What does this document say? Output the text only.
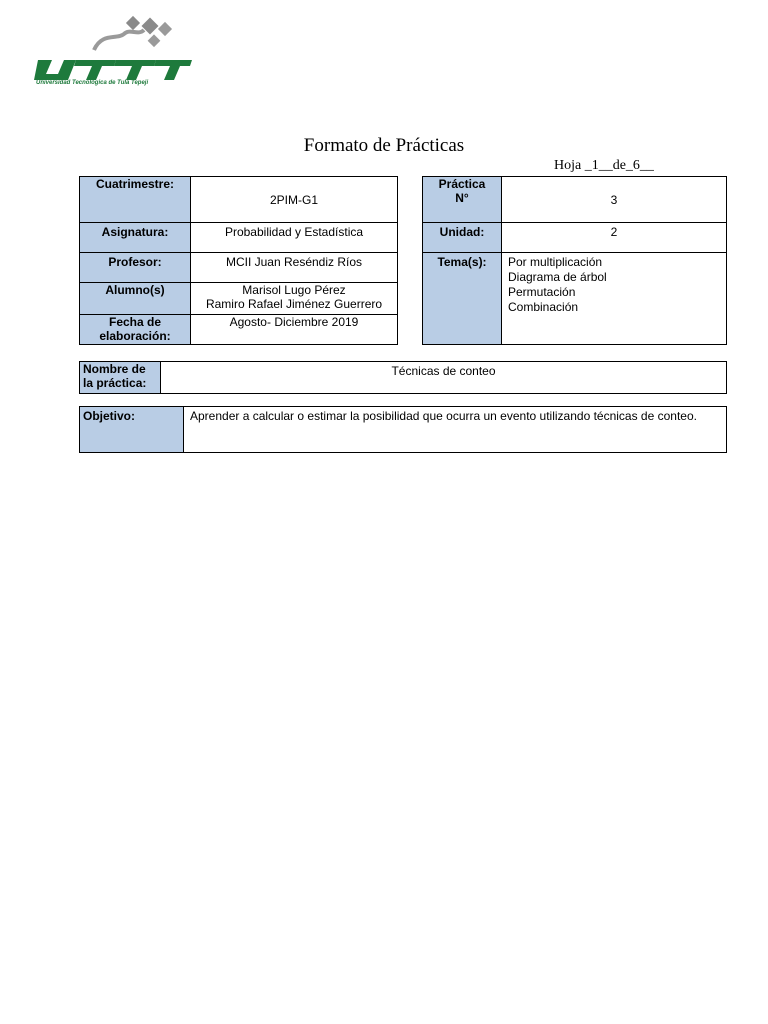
Universidad Tecnológica de Tula Tepeji
Formato de Prácticas
Hoja _1__de_6__
Cuatrimestre:	2PIM-G1
Asignatura:	Probabilidad y Estadística
Profesor:	MCII Juan Reséndiz Ríos
Alumno(s)	Marisol Lugo Pérez
Ramiro Rafael Jiménez Guerrero

Fecha de
elaboración:	Agosto- Diciembre 2019
Práctica
N°	3
Unidad:	2
Tema(s):	Por multiplicación
Diagrama de árbol
Permutación
Combinación
Nombre de
la práctica:
	Técnicas de conteo
Objetivo:	Aprender a calcular o estimar la posibilidad que ocurra un evento utilizando técnicas de conteo.
